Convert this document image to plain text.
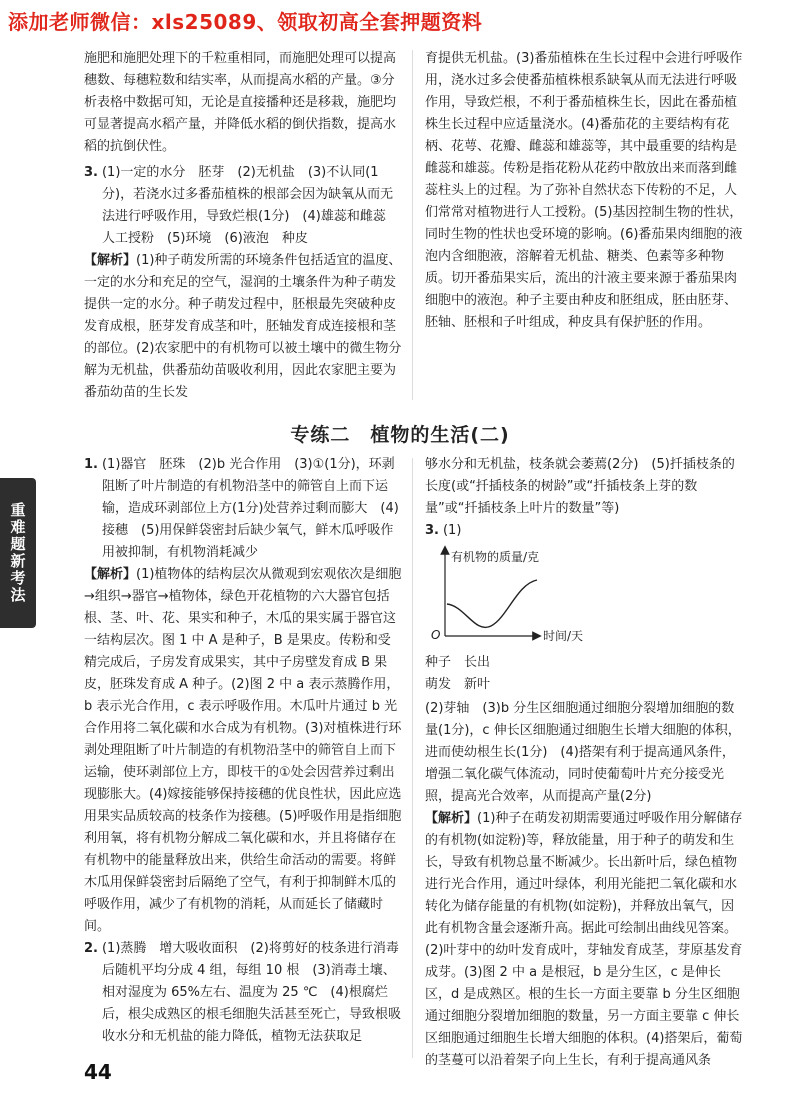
添加老师微信：xls25089、领取初高全套押题资料
重难题新考法

施肥和施肥处理下的千粒重相同，而施肥处理可以提高穗数、每穗粒数和结实率，从而提高水稻的产量。③分析表格中数据可知，无论是直接播种还是移栽，施肥均可显著提高水稻产量，并降低水稻的倒伏指数，提高水稻的抗倒伏性。

3. (1)一定的水分　胚芽　(2)无机盐　(3)不认同(1分)，若浇水过多番茄植株的根部会因为缺氧从而无法进行呼吸作用，导致烂根(1分)　(4)雄蕊和雌蕊　人工授粉　(5)环境　(6)液泡　种皮

【解析】(1)种子萌发所需的环境条件包括适宜的温度、一定的水分和充足的空气，湿润的土壤条件为种子萌发提供一定的水分。种子萌发过程中，胚根最先突破种皮发育成根，胚芽发育成茎和叶，胚轴发育成连接根和茎的部位。(2)农家肥中的有机物可以被土壤中的微生物分解为无机盐，供番茄幼苗吸收利用，因此农家肥主要为番茄幼苗的生长发

育提供无机盐。(3)番茄植株在生长过程中会进行呼吸作用，浇水过多会使番茄植株根系缺氧从而无法进行呼吸作用，导致烂根，不利于番茄植株生长，因此在番茄植株生长过程中应适量浇水。(4)番茄花的主要结构有花柄、花萼、花瓣、雌蕊和雄蕊等，其中最重要的结构是雌蕊和雄蕊。传粉是指花粉从花药中散放出来而落到雌蕊柱头上的过程。为了弥补自然状态下传粉的不足，人们常常对植物进行人工授粉。(5)基因控制生物的性状，同时生物的性状也受环境的影响。(6)番茄果肉细胞的液泡内含细胞液，溶解着无机盐、糖类、色素等多种物质。切开番茄果实后，流出的汁液主要来源于番茄果肉细胞中的液泡。种子主要由种皮和胚组成，胚由胚芽、胚轴、胚根和子叶组成，种皮具有保护胚的作用。

专练二　植物的生活(二)

1. (1)器官　胚珠　(2)b 光合作用　(3)①(1分)，环剥阻断了叶片制造的有机物沿茎中的筛管自上而下运输，造成环剥部位上方(1分)处营养过剩而膨大　(4)接穗　(5)用保鲜袋密封后缺少氧气，鲜木瓜呼吸作用被抑制，有机物消耗减少

【解析】(1)植物体的结构层次从微观到宏观依次是细胞→组织→器官→植物体，绿色开花植物的六大器官包括根、茎、叶、花、果实和种子，木瓜的果实属于器官这一结构层次。图 1 中 A 是种子，B 是果皮。传粉和受精完成后，子房发育成果实，其中子房壁发育成 B 果皮，胚珠发育成 A 种子。(2)图 2 中 a 表示蒸腾作用，b 表示光合作用，c 表示呼吸作用。木瓜叶片通过 b 光合作用将二氧化碳和水合成为有机物。(3)对植株进行环剥处理阻断了叶片制造的有机物沿茎中的筛管自上而下运输，使环剥部位上方，即枝干的①处会因营养过剩出现膨胀大。(4)嫁接能够保持接穗的优良性状，因此应选用果实品质较高的枝条作为接穗。(5)呼吸作用是指细胞利用氧，将有机物分解成二氧化碳和水，并且将储存在有机物中的能量释放出来，供给生命活动的需要。将鲜木瓜用保鲜袋密封后隔绝了空气，有利于抑制鲜木瓜的呼吸作用，减少了有机物的消耗，从而延长了储藏时间。

2. (1)蒸腾　增大吸收面积　(2)将剪好的枝条进行消毒后随机平均分成 4 组，每组 10 根　(3)消毒土壤、相对湿度为 65%左右、温度为 25 ℃　(4)根腐烂后，根尖成熟区的根毛细胞失活甚至死亡，导致根吸收水分和无机盐的能力降低，植物无法获取足

够水分和无机盐，枝条就会萎蔫(2分)　(5)扦插枝条的长度(或“扦插枝条的树龄”或“扦插枝条上芽的数量”或“扦插枝条上叶片的数量”等)

3. (1)

有机物的质量/克
时间/天
O
种子　 长出
萌发　 新叶

(2)芽轴　(3)b 分生区细胞通过细胞分裂增加细胞的数量(1分)，c 伸长区细胞通过细胞生长增大细胞的体积，进而使幼根生长(1分)　(4)搭架有利于提高通风条件，增强二氧化碳气体流动，同时使葡萄叶片充分接受光照，提高光合效率，从而提高产量(2分)

【解析】(1)种子在萌发初期需要通过呼吸作用分解储存的有机物(如淀粉)等，释放能量，用于种子的萌发和生长，导致有机物总量不断减少。长出新叶后，绿色植物进行光合作用，通过叶绿体，利用光能把二氧化碳和水转化为储存能量的有机物(如淀粉)，并释放出氧气，因此有机物含量会逐渐升高。据此可绘制出曲线见答案。(2)叶芽中的幼叶发育成叶，芽轴发育成茎，芽原基发育成芽。(3)图 2 中 a 是根冠，b 是分生区，c 是伸长区，d 是成熟区。根的生长一方面主要靠 b 分生区细胞通过细胞分裂增加细胞的数量，另一方面主要靠 c 伸长区细胞通过细胞生长增大细胞的体积。(4)搭架后，葡萄的茎蔓可以沿着架子向上生长，有利于提高通风条

44
